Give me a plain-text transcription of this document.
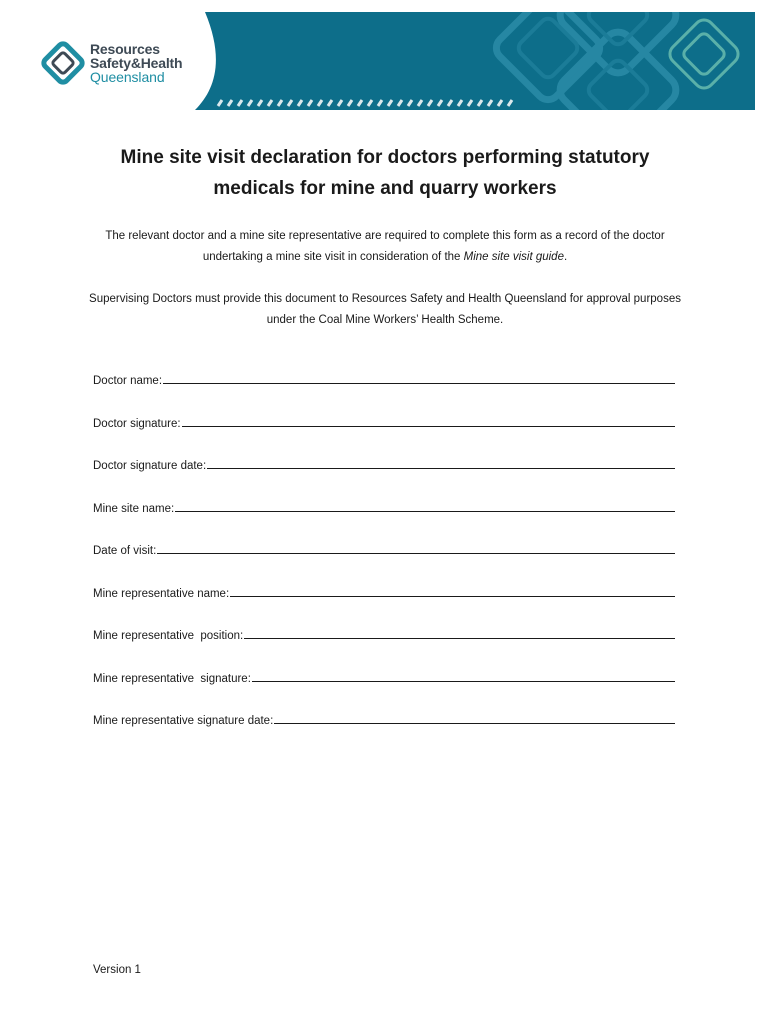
Resources
Safety&Health
Queensland
Mine site visit declaration for doctors performing statutory
medicals for mine and quarry workers

The relevant doctor and a mine site representative are required to complete this form as a record of the doctor undertaking a mine site visit in consideration of the Mine site visit guide.

Supervising Doctors must provide this document to Resources Safety and Health Queensland for approval purposes under the Coal Mine Workers’ Health Scheme.

Doctor name:
Doctor signature:
Doctor signature date:
Mine site name:
Date of visit:
Mine representative name:
Mine representative  position:
Mine representative  signature:
Mine representative signature date:
Version 1
